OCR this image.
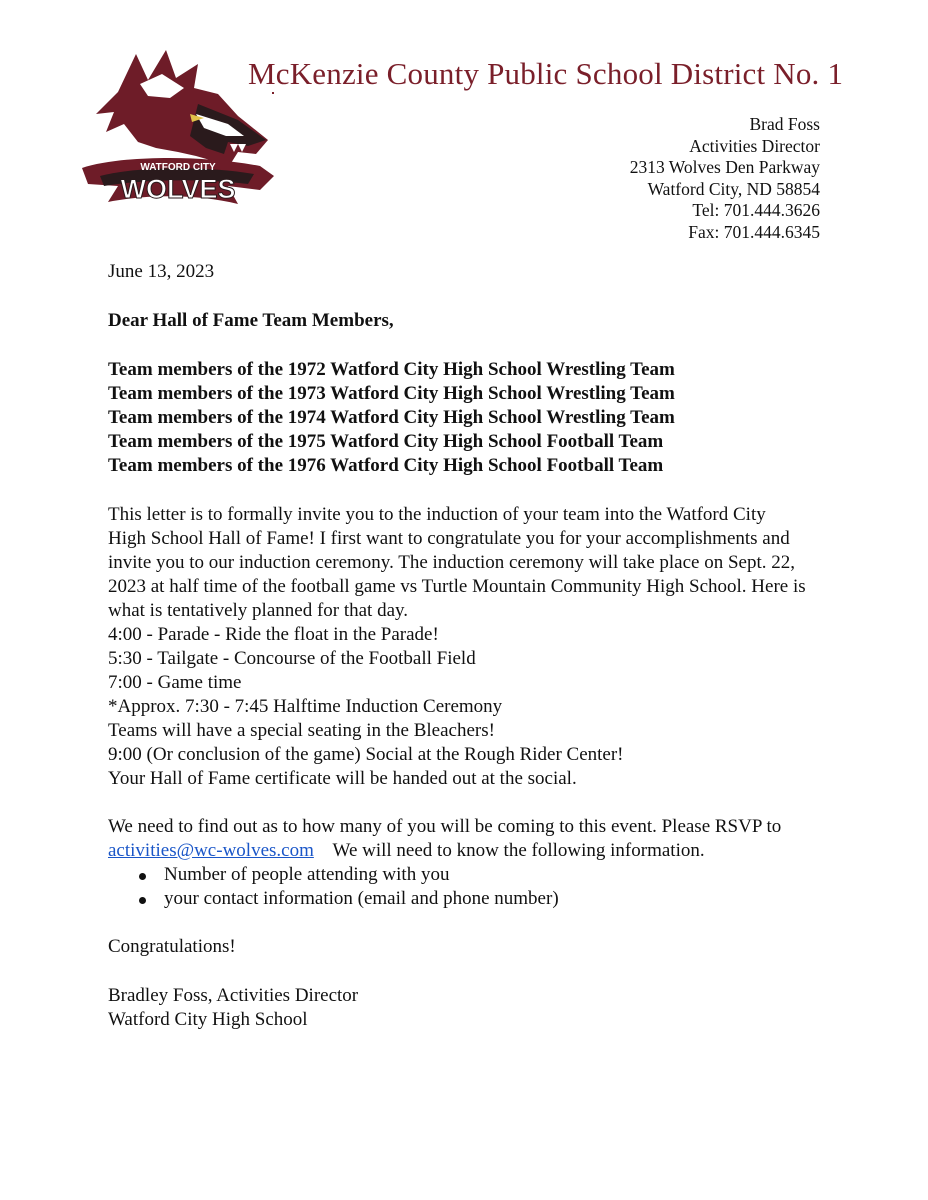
WATFORD CITY
WOLVES
McKenzie County Public School District No. 1
Brad Foss
Activities Director
2313 Wolves Den Parkway
Watford City, ND 58854
Tel: 701.444.3626
Fax: 701.444.6345

June 13, 2023

Dear Hall of Fame Team Members,

Team members of the 1972 Watford City High School Wrestling Team
Team members of the 1973 Watford City High School Wrestling Team
Team members of the 1974 Watford City High School Wrestling Team
Team members of the 1975 Watford City High School Football Team
Team members of the 1976 Watford City High School Football Team

This letter is to formally invite you to the induction of your team into the Watford City High School Hall of Fame! I first want to congratulate you for your accomplishments and invite you to our induction ceremony. The induction ceremony will take place on Sept. 22, 2023 at half time of the football game vs Turtle Mountain Community High School. Here is what is tentatively planned for that day.

4:00 - Parade - Ride the float in the Parade!
5:30 - Tailgate - Concourse of the Football Field
7:00 - Game time
*Approx. 7:30 - 7:45 Halftime Induction Ceremony
Teams will have a special seating in the Bleachers!
9:00 (Or conclusion of the game) Social at the Rough Rider Center!
Your Hall of Fame certificate will be handed out at the social.

We need to find out as to how many of you will be coming to this event. Please RSVP to activities@wc-wolves.com We will need to know the following information.

Number of people attending with you
your contact information (email and phone number)

Congratulations!

Bradley Foss, Activities Director
Watford City High School
